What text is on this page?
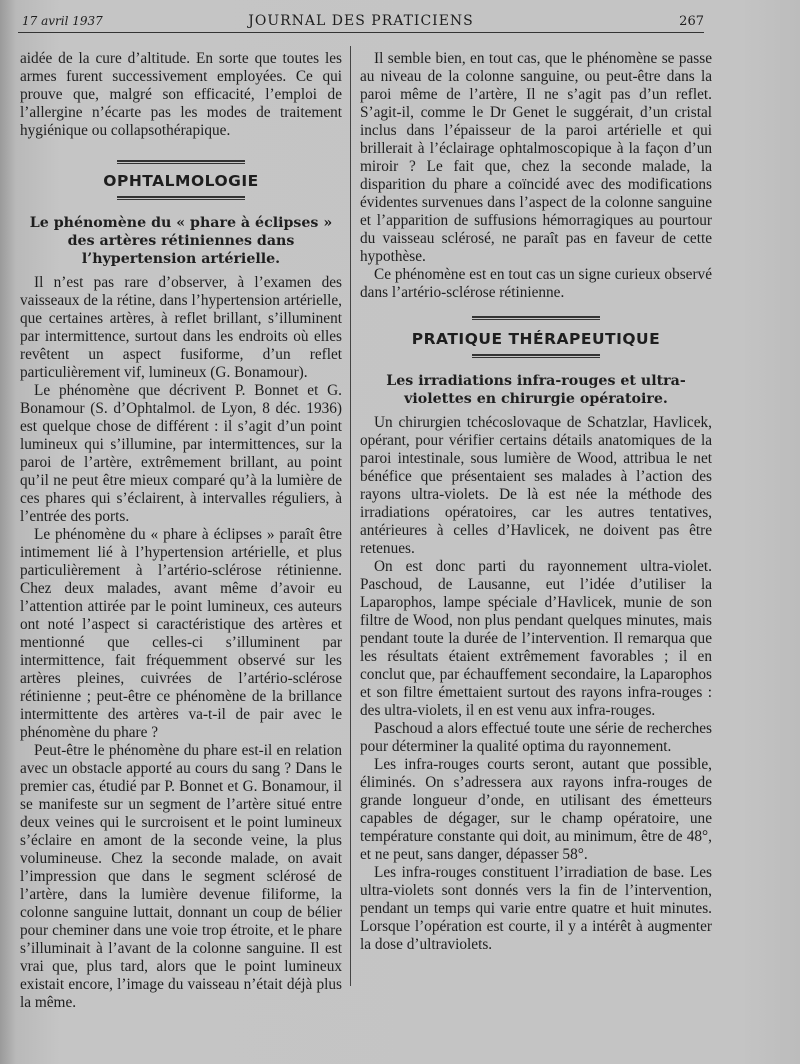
17 avril 1937	JOURNAL DES PRATICIENS	267

aidée de la cure d’altitude. En sorte que toutes les armes furent successivement employées. Ce qui prouve que, malgré son efficacité, l’emploi de l’allergine n’écarte pas les modes de traitement hygiénique ou collapsothérapique.

OPHTALMOLOGIE
Le phénomène du « phare à éclipses » des artères rétiniennes dans l’hypertension artérielle.

Il n’est pas rare d’observer, à l’examen des vaisseaux de la rétine, dans l’hypertension artérielle, que certaines artères, à reflet brillant, s’illuminent par intermittence, surtout dans les endroits où elles revêtent un aspect fusiforme, d’un reflet particulièrement vif, lumineux (G. Bonamour).

Le phénomène que décrivent P. Bonnet et G. Bonamour (S. d’Ophtalmol. de Lyon, 8 déc. 1936) est quelque chose de différent : il s’agit d’un point lumineux qui s’illumine, par intermittences, sur la paroi de l’artère, extrêmement brillant, au point qu’il ne peut être mieux comparé qu’à la lumière de ces phares qui s’éclairent, à intervalles réguliers, à l’entrée des ports.

Le phénomène du « phare à éclipses » paraît être intimement lié à l’hypertension artérielle, et plus particulièrement à l’artério-sclérose rétinienne. Chez deux malades, avant même d’avoir eu l’attention attirée par le point lumineux, ces auteurs ont noté l’aspect si caractéristique des artères et mentionné que celles-ci s’illuminent par intermittence, fait fréquemment observé sur les artères pleines, cuivrées de l’artério-sclérose rétinienne ; peut-être ce phénomène de la brillance intermittente des artères va-t-il de pair avec le phénomène du phare ?

Peut-être le phénomène du phare est-il en relation avec un obstacle apporté au cours du sang ? Dans le premier cas, étudié par P. Bonnet et G. Bonamour, il se manifeste sur un segment de l’artère situé entre deux veines qui le surcroisent et le point lumineux s’éclaire en amont de la seconde veine, la plus volumineuse. Chez la seconde malade, on avait l’impression que dans le segment sclérosé de l’artère, dans la lumière devenue filiforme, la colonne sanguine luttait, donnant un coup de bélier pour cheminer dans une voie trop étroite, et le phare s’illuminait à l’avant de la colonne sanguine. Il est vrai que, plus tard, alors que le point lumineux existait encore, l’image du vaisseau n’était déjà plus la même.

Il semble bien, en tout cas, que le phénomène se passe au niveau de la colonne sanguine, ou peut-être dans la paroi même de l’artère, Il ne s’agit pas d’un reflet. S’agit-il, comme le Dr Genet le suggérait, d’un cristal inclus dans l’épaisseur de la paroi artérielle et qui brillerait à l’éclairage ophtalmoscopique à la façon d’un miroir ? Le fait que, chez la seconde malade, la disparition du phare a coïncidé avec des modifications évidentes survenues dans l’aspect de la colonne sanguine et l’apparition de suffusions hémorragiques au pourtour du vaisseau sclérosé, ne paraît pas en faveur de cette hypothèse.

Ce phénomène est en tout cas un signe curieux observé dans l’artério-sclérose rétinienne.

PRATIQUE THÉRAPEUTIQUE
Les irradiations infra-rouges et ultra-violettes en chirurgie opératoire.

Un chirurgien tchécoslovaque de Schatzlar, Havlicek, opérant, pour vérifier certains détails anatomiques de la paroi intestinale, sous lumière de Wood, attribua le net bénéfice que présentaient ses malades à l’action des rayons ultra-violets. De là est née la méthode des irradiations opératoires, car les autres tentatives, antérieures à celles d’Havlicek, ne doivent pas être retenues.

On est donc parti du rayonnement ultra-violet. Paschoud, de Lausanne, eut l’idée d’utiliser la Laparophos, lampe spéciale d’Havlicek, munie de son filtre de Wood, non plus pendant quelques minutes, mais pendant toute la durée de l’intervention. Il remarqua que les résultats étaient extrêmement favorables ; il en conclut que, par échauffement secondaire, la Laparophos et son filtre émettaient surtout des rayons infra-rouges : des ultra-violets, il en est venu aux infra-rouges.

Paschoud a alors effectué toute une série de recherches pour déterminer la qualité optima du rayonnement.

Les infra-rouges courts seront, autant que possible, éliminés. On s’adressera aux rayons infra-rouges de grande longueur d’onde, en utilisant des émetteurs capables de dégager, sur le champ opératoire, une température constante qui doit, au minimum, être de 48°, et ne peut, sans danger, dépasser 58°.

Les infra-rouges constituent l’irradiation de base. Les ultra-violets sont donnés vers la fin de l’intervention, pendant un temps qui varie entre quatre et huit minutes. Lorsque l’opération est courte, il y a intérêt à augmenter la dose d’ultraviolets.
